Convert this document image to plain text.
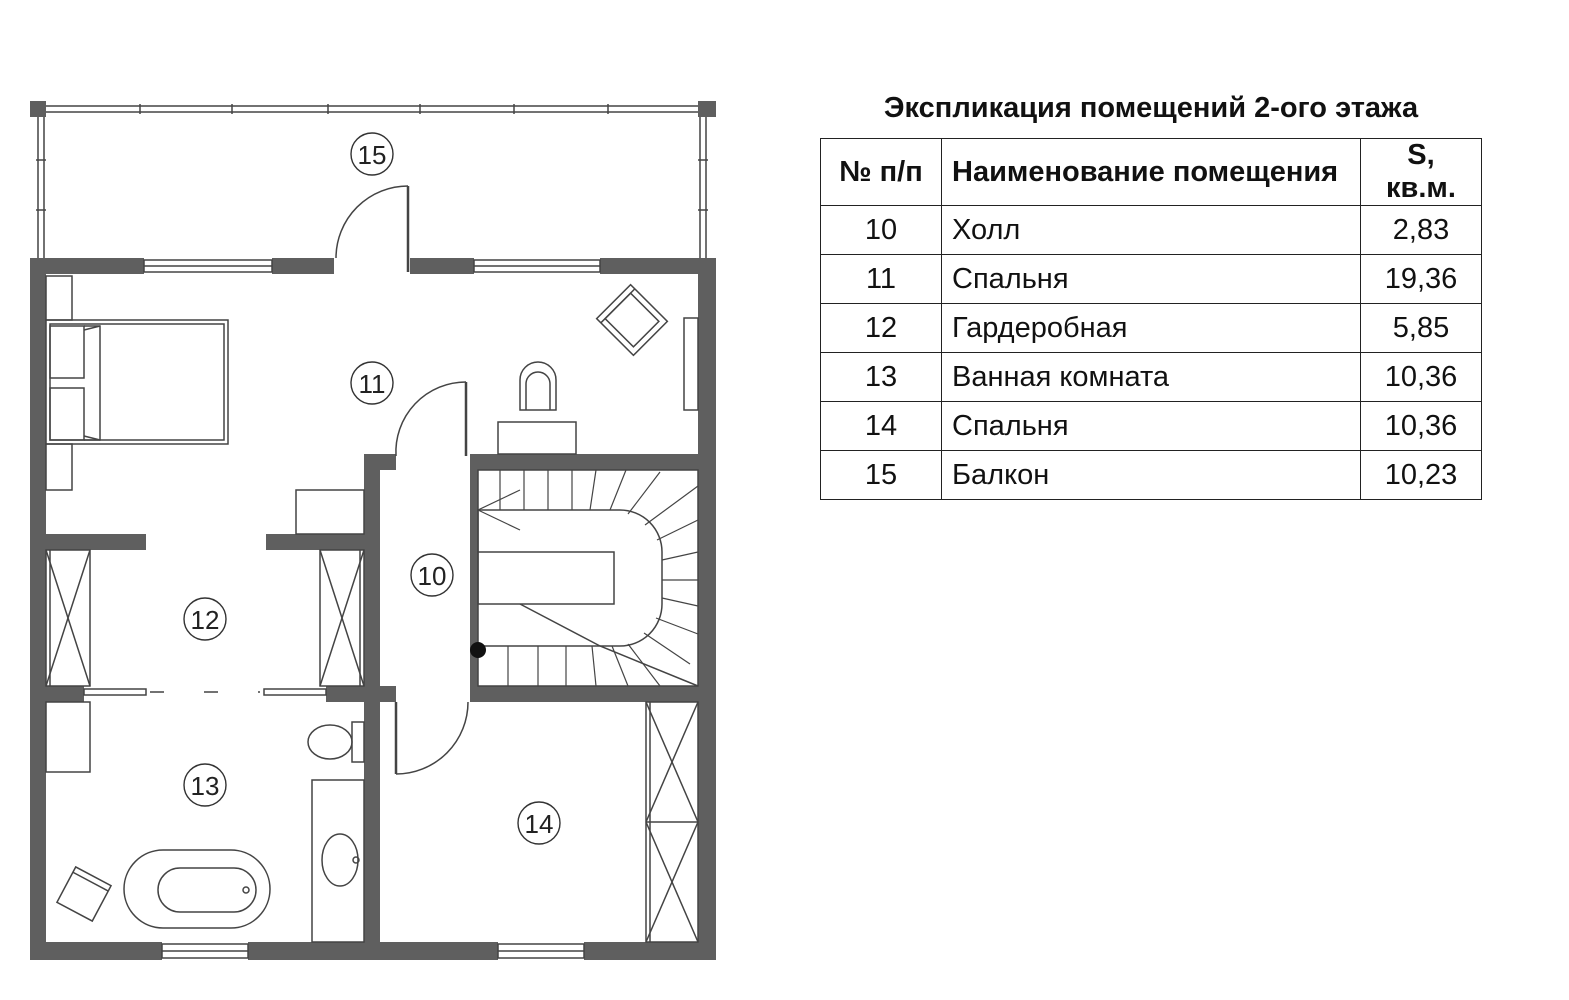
15
11
10
12
13
14
Экспликация помещений 2-ого этажа
№ п/п	Наименование помещения	S, кв.м.
10	Холл	2,83
11	Спальня	19,36
12	Гардеробная	5,85
13	Ванная комната	10,36
14	Спальня	10,36
15	Балкон	10,23
